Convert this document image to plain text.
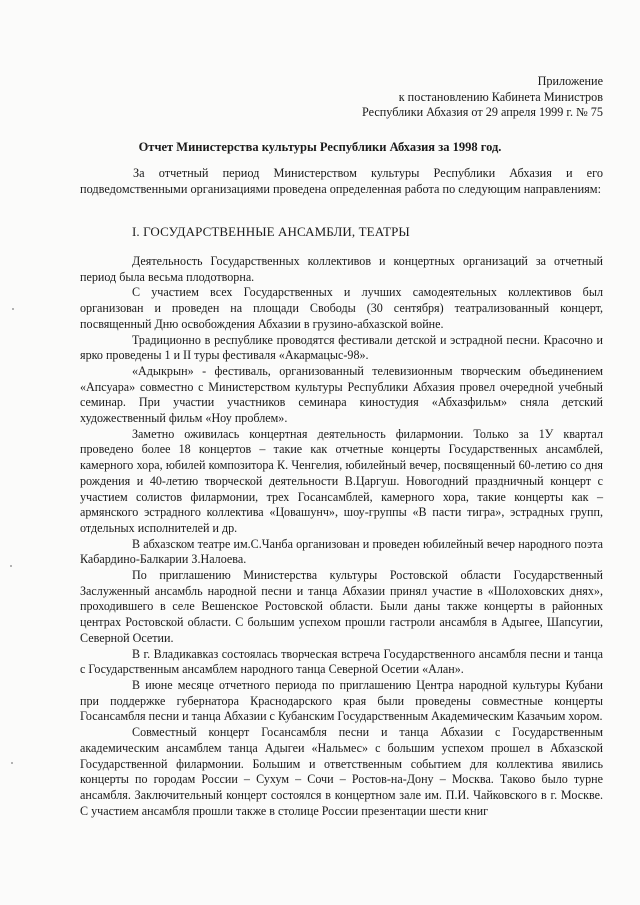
Приложение
к постановлению Кабинета Министров
Республики Абхазия от 29 апреля 1999 г. № 75
Отчет Министерства культуры Республики Абхазия за 1998 год.

За отчетный период Министерством культуры Республики Абхазия и его подведомственными организациями проведена определенная работа по следующим направлениям:

I. ГОСУДАРСТВЕННЫЕ АНСАМБЛИ, ТЕАТРЫ

Деятельность Государственных коллективов и концертных организаций за отчетный период была весьма плодотворна.

С участием всех Государственных и лучших самодеятельных коллективов был организован и проведен на площади Свободы (30 сентября) театрализованный концерт, посвященный Дню освобождения Абхазии в грузино-абхазской войне.

Традиционно в республике проводятся фестивали детской и эстрадной песни. Красочно и ярко проведены 1 и II туры фестиваля «Акармацыс-98».

«Адыкрын» - фестиваль, организованный телевизионным творческим объединением «Апсуара» совместно с Министерством культуры Республики Абхазия провел очередной учебный семинар. При участии участников семинара киностудия «Абхазфильм» сняла детский художественный фильм «Ноу проблем».

Заметно оживилась концертная деятельность филармонии. Только за 1У квартал проведено более 18 концертов – такие как отчетные концерты Государственных ансамблей, камерного хора, юбилей композитора К. Ченгелия, юбилейный вечер, посвященный 60-летию со дня рождения и 40-летию творческой деятельности В.Царгуш. Новогодний праздничный концерт с участием солистов филармонии, трех Госансамблей, камерного хора, такие концерты как – армянского эстрадного коллектива «Цовашунч», шоу-группы «В пасти тигра», эстрадных групп, отдельных исполнителей и др.

В абхазском театре им.С.Чанба организован и проведен юбилейный вечер народного поэта Кабардино-Балкарии З.Налоева.

По приглашению Министерства культуры Ростовской области Государственный Заслуженный ансамбль народной песни и танца Абхазии принял участие в «Шолоховских днях», проходившего в селе Вешенское Ростовской области. Были даны также концерты в районных центрах Ростовской области. С большим успехом прошли гастроли ансамбля в Адыгее, Шапсугии, Северной Осетии.

В г. Владикавказ состоялась творческая встреча Государственного ансамбля песни и танца с Государственным ансамблем народного танца Северной Осетии «Алан».

В июне месяце отчетного периода по приглашению Центра народной культуры Кубани при поддержке губернатора Краснодарского края были проведены совместные концерты Госансамбля песни и танца Абхазии с Кубанским Государственным Академическим Казачьим хором.

Совместный концерт Госансамбля песни и танца Абхазии с Государственным академическим ансамблем танца Адыгеи «Нальмес» с большим успехом прошел в Абхазской Государственной филармонии. Большим и ответственным событием для коллектива явились концерты по городам России – Сухум – Сочи – Ростов-на-Дону – Москва. Таково было турне ансамбля. Заключительный концерт состоялся в концертном зале им. П.И. Чайковского в г. Москве. С участием ансамбля прошли также в столице России презентации шести книг
